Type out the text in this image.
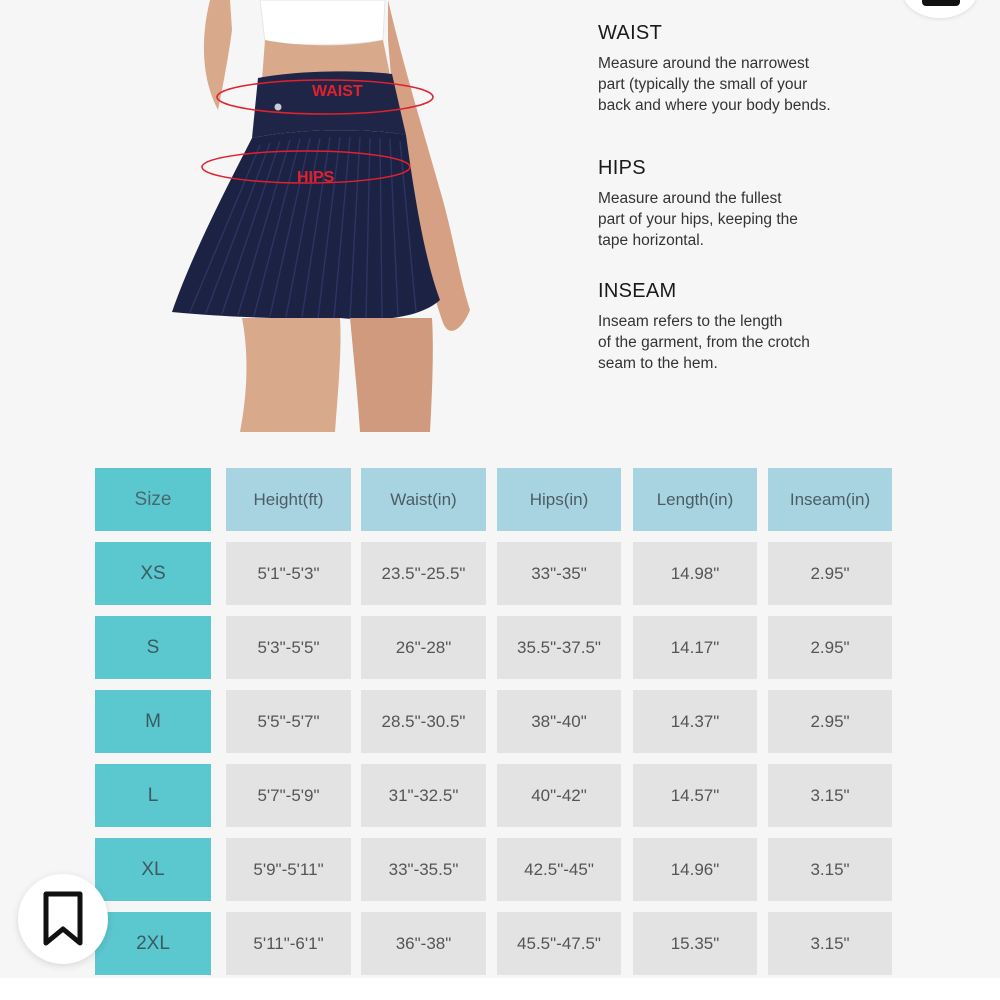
WAIST
HIPS
WAIST

Measure around the narrowest
part (typically the small of your
back and where your body bends.

HIPS

Measure around the fullest
part of your hips, keeping the
tape horizontal.

INSEAM

Inseam refers to the length
of the garment, from the crotch
seam to the hem.

Size	Height(ft)	Waist(in)	Hips(in)	Length(in)	Inseam(in)
XS	5'1"-5'3"	23.5"-25.5"	33"-35"	14.98"	2.95"
S	5'3"-5'5"	26"-28"	35.5"-37.5"	14.17"	2.95"
M	5'5"-5'7"	28.5"-30.5"	38"-40"	14.37"	2.95"
L	5'7"-5'9"	31"-32.5"	40"-42"	14.57"	3.15"
XL	5'9"-5'11"	33"-35.5"	42.5"-45"	14.96"	3.15"
2XL	5'11"-6'1"	36"-38"	45.5"-47.5"	15.35"	3.15"
